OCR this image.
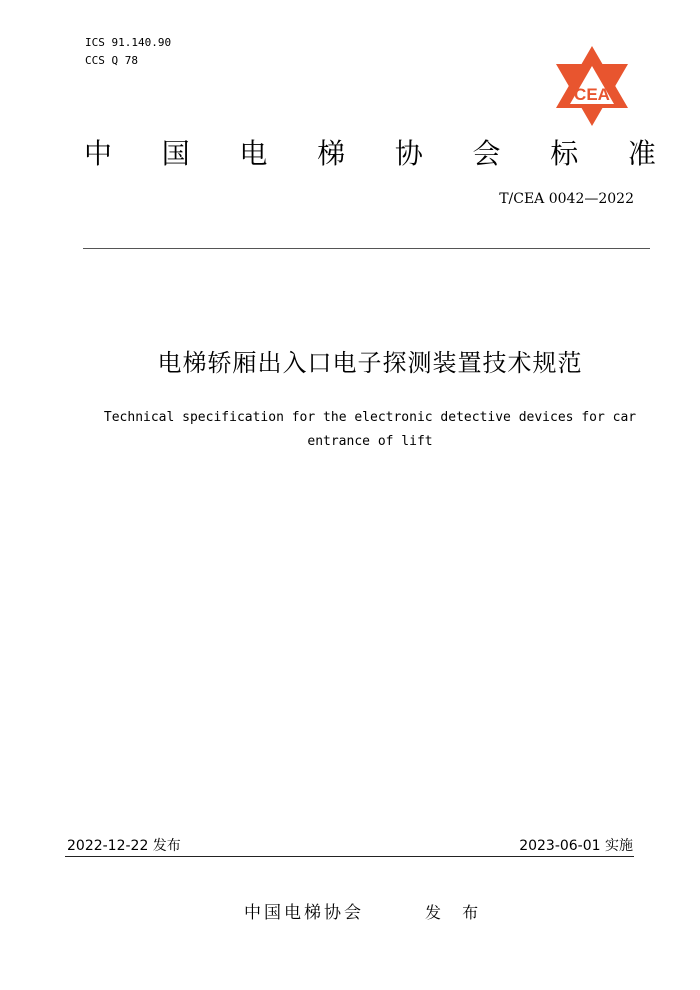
ICS 91.140.90
CCS Q 78
CEA
中 国 电 梯 协 会 标 准
T/CEA 0042—2022
电梯轿厢出入口电子探测装置技术规范
Technical specification for the electronic detective devices for car
entrance of lift
2022-12-22 发布	2023-06-01 实施
中国电梯协会	发 布
